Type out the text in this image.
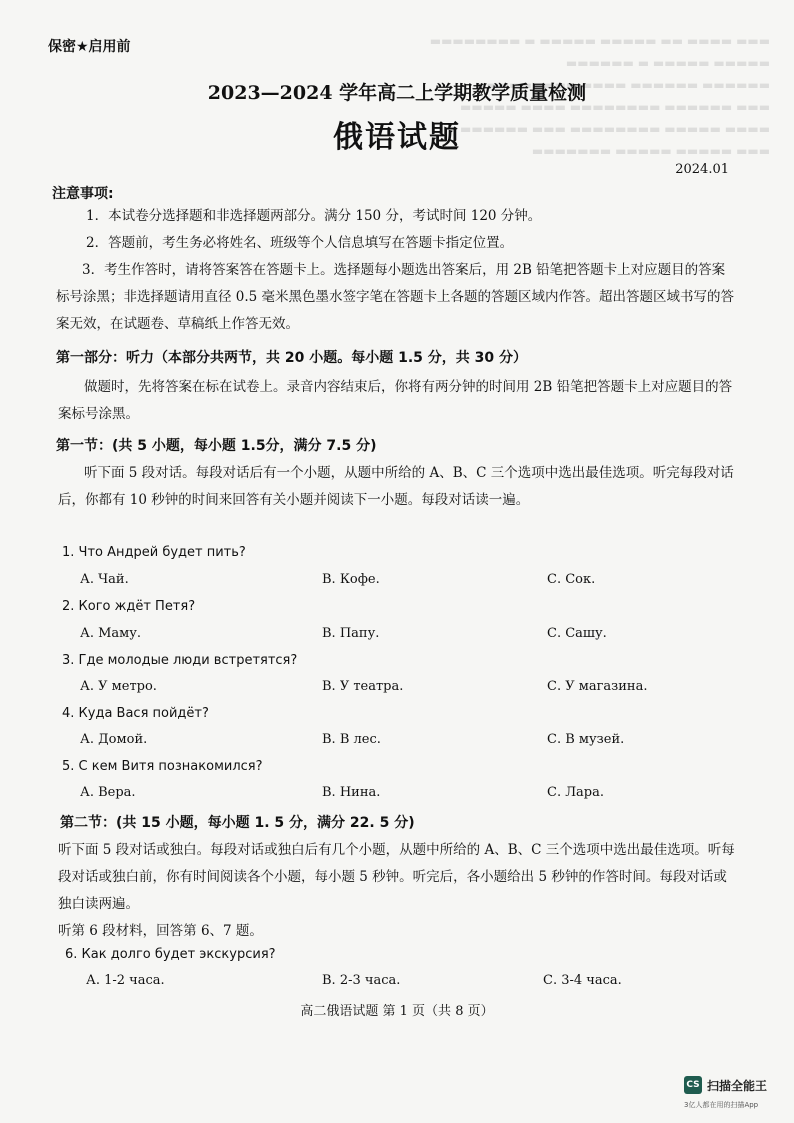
▬▬▬ ▬▬▬▬ ▬▬ ▬▬▬▬▬ ▬▬▬▬▬ ▬ ▬▬▬▬▬▬▬▬
▬▬▬▬▬ ▬▬▬▬▬ ▬ ▬▬▬▬▬▬
▬▬▬▬▬▬ ▬▬▬▬▬▬ ▬▬▬▬ ▬▬▬▬▬▬▬▬▬
▬▬▬ ▬▬▬▬▬▬ ▬▬▬▬▬▬▬▬ ▬▬▬▬ ▬▬▬▬▬
▬▬▬▬ ▬▬▬▬▬ ▬▬▬▬▬▬▬▬ ▬▬▬ ▬▬▬▬▬▬
▬▬▬ ▬▬▬▬▬ ▬▬▬▬▬ ▬▬▬▬▬▬▬
保密★启用前
2023—2024 学年高二上学期教学质量检测
俄语试题
2024.01
注意事项:
1．本试卷分选择题和非选择题两部分。满分 150 分，考试时间 120 分钟。
2．答题前，考生务必将姓名、班级等个人信息填写在答题卡指定位置。
3．考生作答时，请将答案答在答题卡上。选择题每小题选出答案后，用 2B 铅笔把答题卡上对应题目的答案标号涂黑；非选择题请用直径 0.5 毫米黑色墨水签字笔在答题卡上各题的答题区域内作答。超出答题区域书写的答案无效，在试题卷、草稿纸上作答无效。
第一部分：听力（本部分共两节，共 20 小题。每小题 1.5 分，共 30 分）
做题时，先将答案在标在试卷上。录音内容结束后，你将有两分钟的时间用 2B 铅笔把答题卡上对应题目的答案标号涂黑。
第一节：(共 5 小题，每小题 1.5分，满分 7.5 分)
听下面 5 段对话。每段对话后有一个小题，从题中所给的 A、B、C 三个选项中选出最佳选项。听完每段对话后，你都有 10 秒钟的时间来回答有关小题并阅读下一小题。每段对话读一遍。
1. Что Андрей будет пить?
А. Чай.	В. Кофе.	С. Сок.
2. Кого ждёт Петя?
А. Маму.	В. Папу.	С. Сашу.
3. Где молодые люди встретятся?
А. У метро.	В. У театра.	С. У магазина.
4. Куда Вася пойдёт?
А. Домой.	В. В лес.	С. В музей.
5. С кем Витя познакомился?
А. Вера.	В. Нина.	С. Лара.
第二节：(共 15 小题，每小题 1. 5 分，满分 22. 5 分)
听下面 5 段对话或独白。每段对话或独白后有几个小题，从题中所给的 A、B、C 三个选项中选出最佳选项。听每段对话或独白前，你有时间阅读各个小题，每小题 5 秒钟。听完后，各小题给出 5 秒钟的作答时间。每段对话或独白读两遍。
听第 6 段材料，回答第 6、7 题。
6. Как долго будет экскурсия?
А. 1-2 часа.	В. 2-3 часа.	С. 3-4 часа.
高二俄语试题 第 1 页（共 8 页）
CS 扫描全能王
3亿人都在用的扫描App
